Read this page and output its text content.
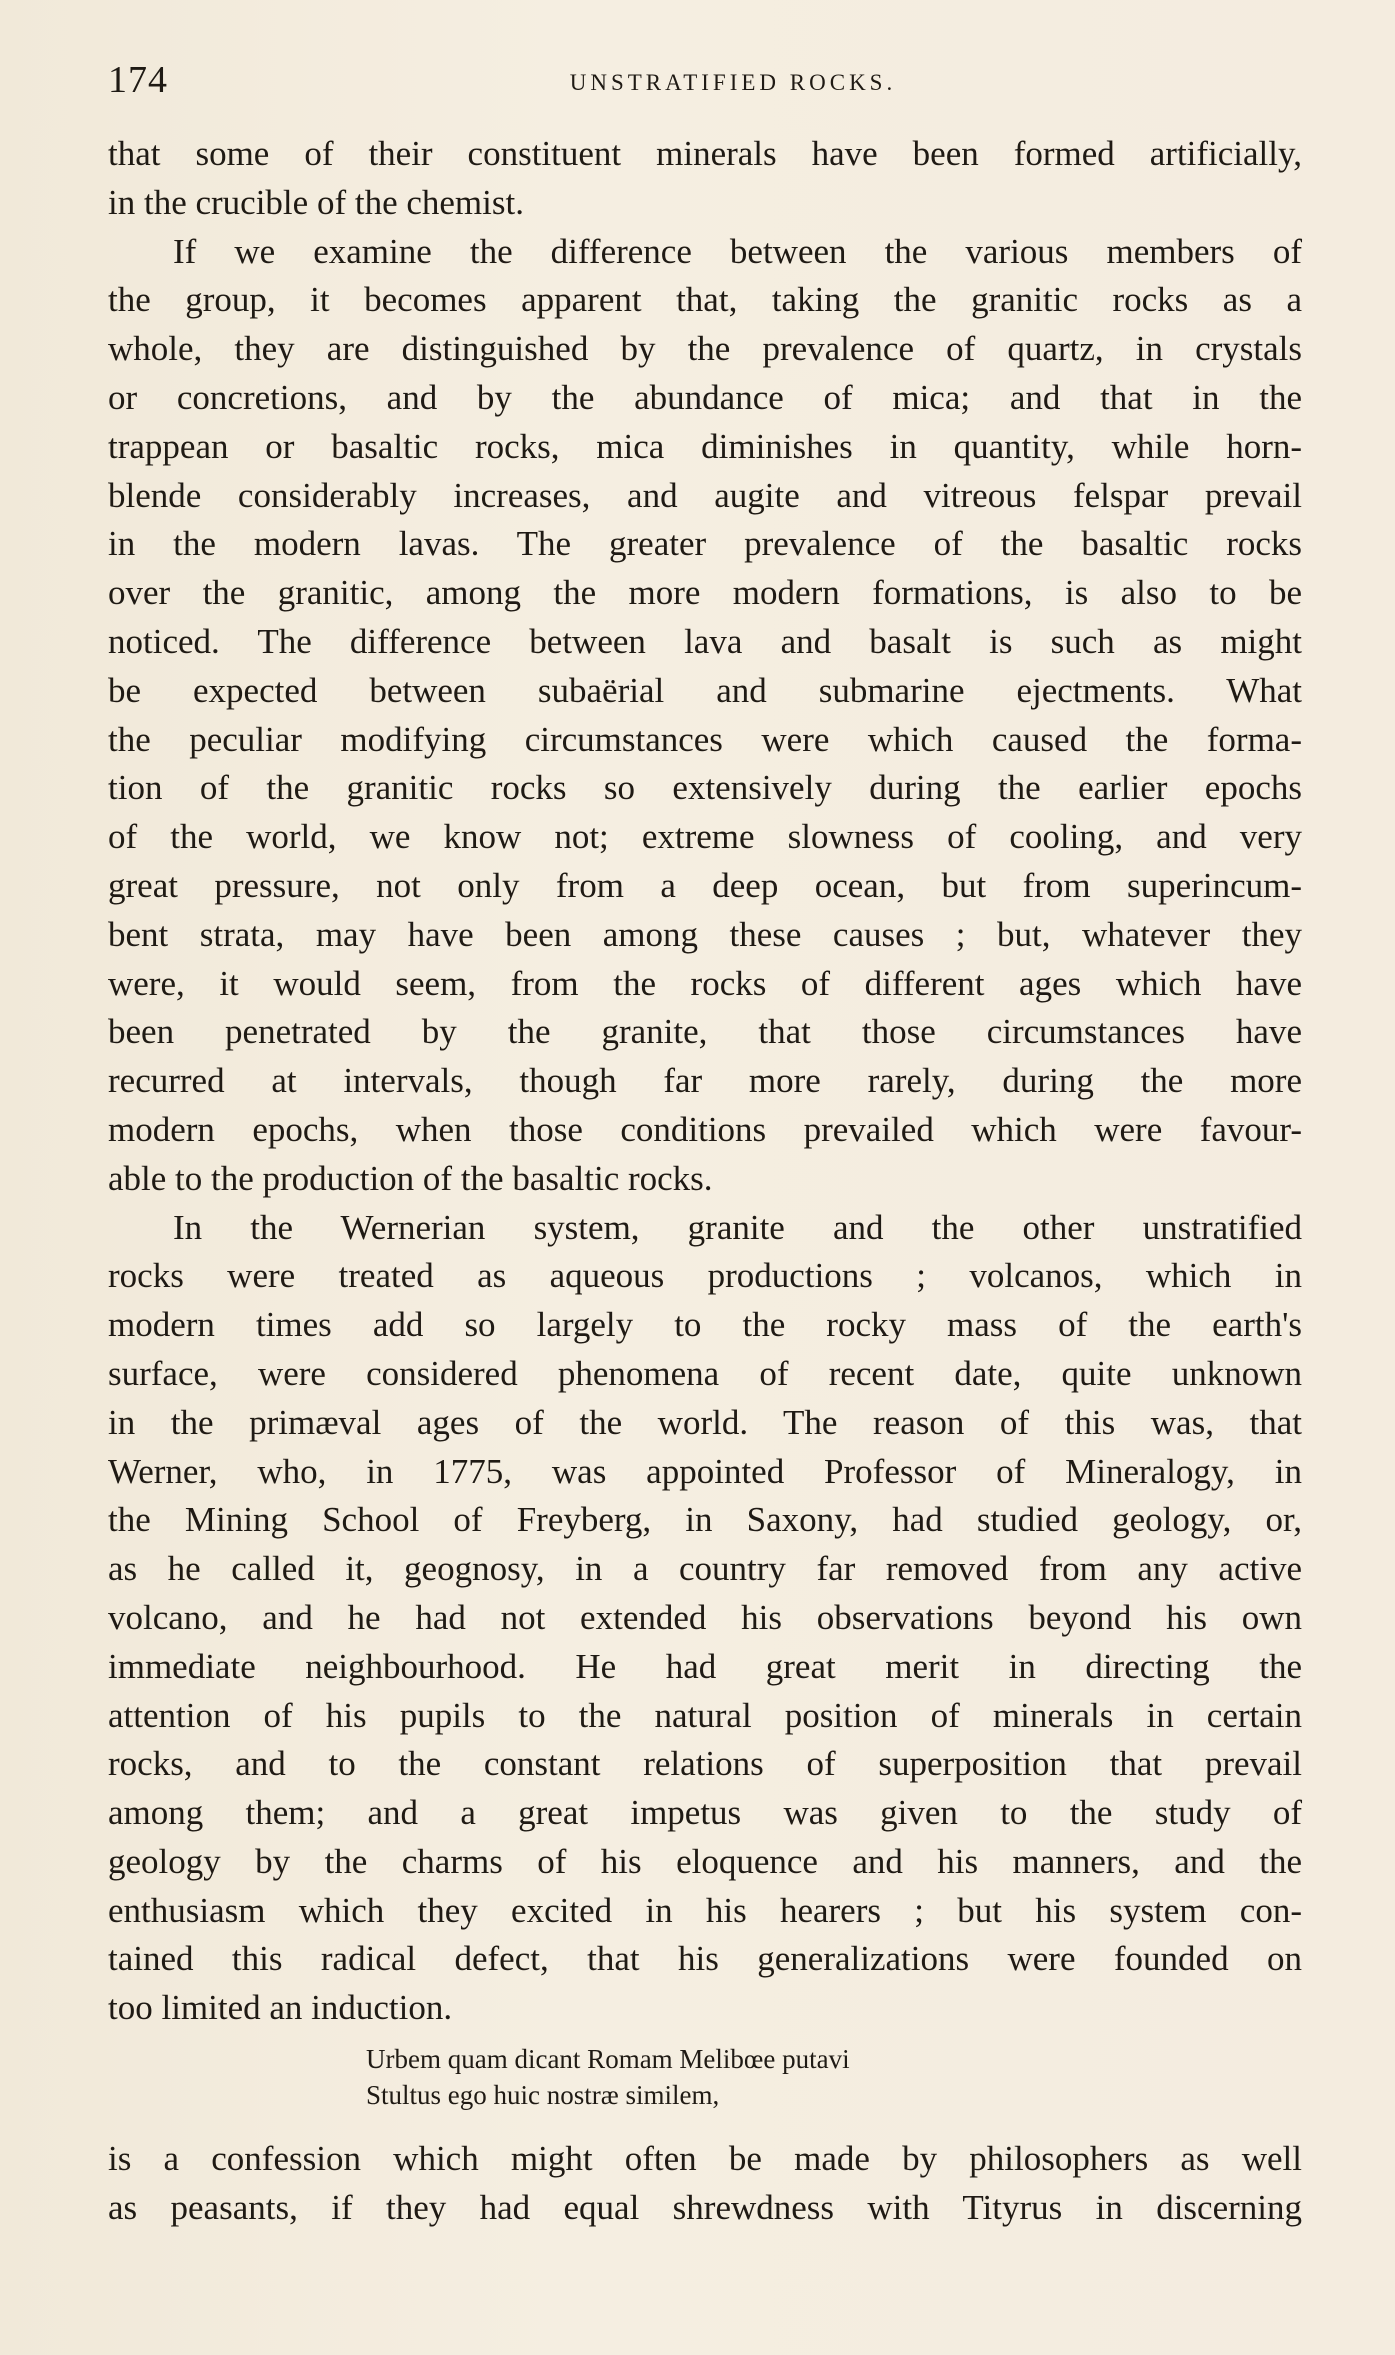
174	UNSTRATIFIED ROCKS.
that some of their constituent minerals have been formed artificially,
in the crucible of the chemist.
If we examine the difference between the various members of
the group, it becomes apparent that, taking the granitic rocks as a
whole, they are distinguished by the prevalence of quartz, in crystals
or concretions, and by the abundance of mica; and that in the
trappean or basaltic rocks, mica diminishes in quantity, while horn-
blende considerably increases, and augite and vitreous felspar prevail
in the modern lavas. The greater prevalence of the basaltic rocks
over the granitic, among the more modern formations, is also to be
noticed. The difference between lava and basalt is such as might
be expected between subaërial and submarine ejectments. What
the peculiar modifying circumstances were which caused the forma-
tion of the granitic rocks so extensively during the earlier epochs
of the world, we know not; extreme slowness of cooling, and very
great pressure, not only from a deep ocean, but from superincum-
bent strata, may have been among these causes ; but, whatever they
were, it would seem, from the rocks of different ages which have
been penetrated by the granite, that those circumstances have
recurred at intervals, though far more rarely, during the more
modern epochs, when those conditions prevailed which were favour-
able to the production of the basaltic rocks.
In the Wernerian system, granite and the other unstratified
rocks were treated as aqueous productions ; volcanos, which in
modern times add so largely to the rocky mass of the earth's
surface, were considered phenomena of recent date, quite unknown
in the primæval ages of the world. The reason of this was, that
Werner, who, in 1775, was appointed Professor of Mineralogy, in
the Mining School of Freyberg, in Saxony, had studied geology, or,
as he called it, geognosy, in a country far removed from any active
volcano, and he had not extended his observations beyond his own
immediate neighbourhood. He had great merit in directing the
attention of his pupils to the natural position of minerals in certain
rocks, and to the constant relations of superposition that prevail
among them; and a great impetus was given to the study of
geology by the charms of his eloquence and his manners, and the
enthusiasm which they excited in his hearers ; but his system con-
tained this radical defect, that his generalizations were founded on
too limited an induction.
Urbem quam dicant Romam Melibœe putavi
Stultus ego huic nostræ similem,
is a confession which might often be made by philosophers as well
as peasants, if they had equal shrewdness with Tityrus in discerning
